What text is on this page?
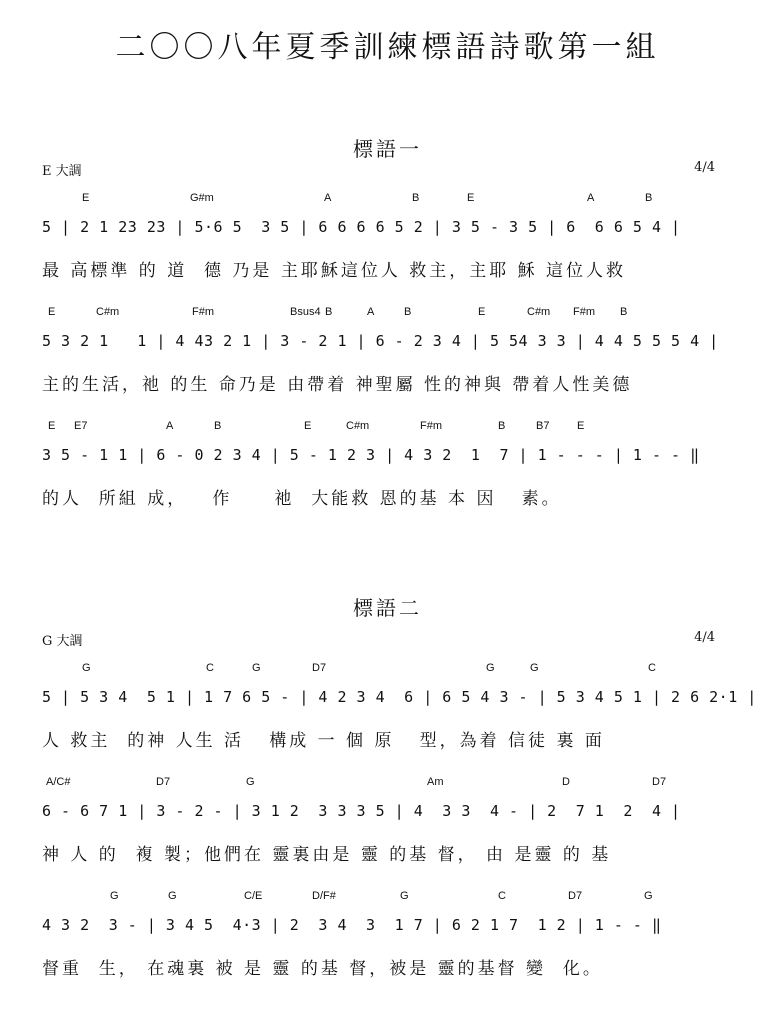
二〇〇八年夏季訓練標語詩歌第一組
標語一
E 大調	4/4
E	G#m	A	B	E	A	B
5 | 2 1 23 23 | 5·6 5  3 5 | 6 6 6 6 5 2 | 3 5 - 3 5 | 6  6 6 5 4 |
最 高標準 的 道  德 乃是 主耶穌這位人 救主，主耶 穌 這位人救
E	C#m	F#m	Bsus4 B	A	B	E	C#m F#m B
5 3 2 1   1 | 4 43 2 1 | 3 - 2 1 | 6 - 2 3 4 | 5 54 3 3 | 4 4 5 5 5 4 |
主的生活，祂 的生 命乃是 由帶着 神聖屬 性的神與 帶着人性美德
E E7	A	B	E	C#m	F#m	B	B7	E
3 5 - 1 1 | 6 - 0 2 3 4 | 5 - 1 2 3 | 4 3 2  1  7 | 1 - - - | 1 - - ‖
的人  所組 成，   作     祂  大能救 恩的基 本 因   素。
標語二
G 大調	4/4
G	C	G	D7	G	G	C
5 | 5 3 4  5 1 | 1 7 6 5 - | 4 2 3 4  6 | 6 5 4 3 - | 5 3 4 5 1 | 2 6 2·1 |
人 救主  的神 人生 活   構成 一 個 原   型，為着 信徒 裏 面
A/C#	D7	G	Am	D	D7
6 - 6 7 1 | 3 - 2 - | 3 1 2  3 3 3 5 | 4  3 3  4 - | 2  7 1  2  4 |
神 人 的  複 製；他們在 靈裏由是 靈 的基 督， 由 是靈 的 基
G	G	C/E	D/F#	G	C	D7	G
4 3 2  3 - | 3 4 5  4·3 | 2  3 4  3  1 7 | 6 2 1 7  1 2 | 1 - - ‖
督重  生， 在魂裏 被 是 靈 的基 督，被是 靈的基督 變  化。
